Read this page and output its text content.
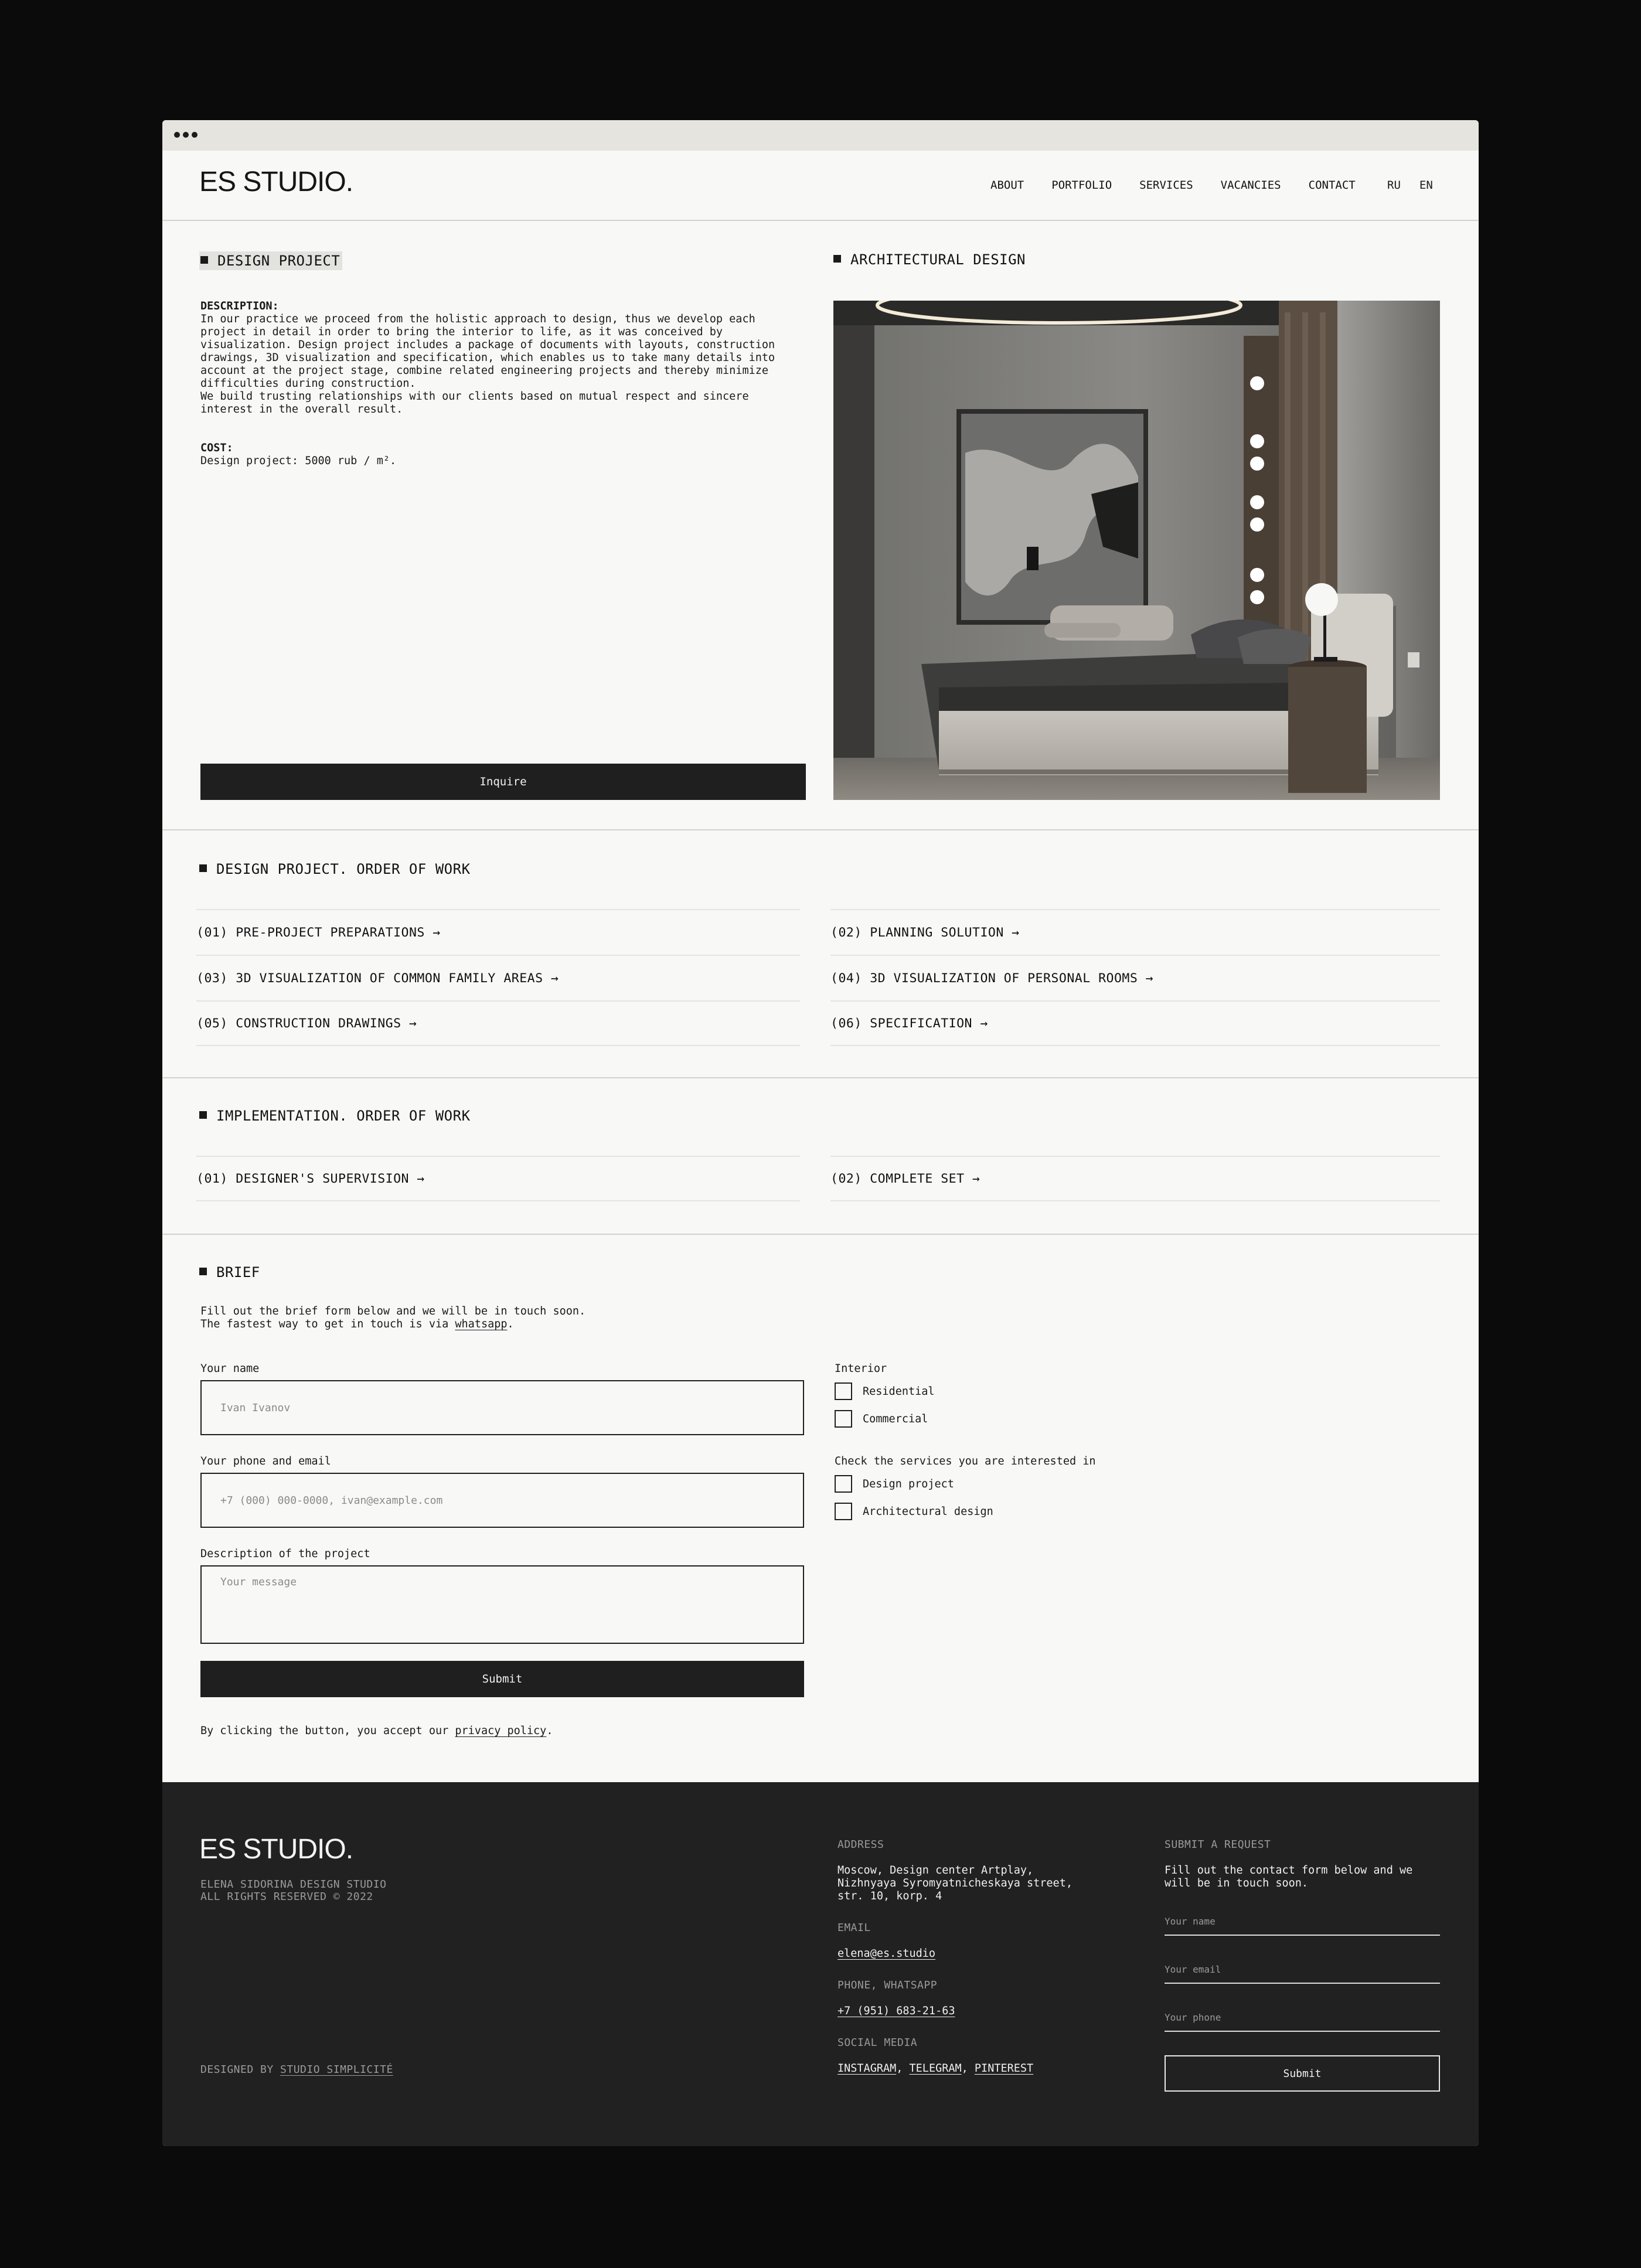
ES STUDIO.	ABOUT PORTFOLIO SERVICES VACANCIES CONTACT	RU EN
DESIGN PROJECT
DESCRIPTION:
In our practice we proceed from the holistic approach to design, thus we develop each
project in detail in order to bring the interior to life, as it was conceived by
visualization. Design project includes a package of documents with layouts, construction
drawings, 3D visualization and specification, which enables us to take many details into
account at the project stage, combine related engineering projects and thereby minimize
difficulties during construction.
We build trusting relationships with our clients based on mutual respect and sincere
interest in the overall result.
COST:
Design project: 5000 rub / m².
Inquire
ARCHITECTURAL DESIGN
DESIGN PROJECT. ORDER OF WORK
(01) PRE-PROJECT PREPARATIONS →	(02) PLANNING SOLUTION →
(03) 3D VISUALIZATION OF COMMON FAMILY AREAS →	(04) 3D VISUALIZATION OF PERSONAL ROOMS →
(05) CONSTRUCTION DRAWINGS →	(06) SPECIFICATION →
IMPLEMENTATION. ORDER OF WORK
(01) DESIGNER'S SUPERVISION →	(02) COMPLETE SET →
BRIEF
Fill out the brief form below and we will be in touch soon.
The fastest way to get in touch is via whatsapp.
Your name
Ivan Ivanov
Your phone and email
+7 (000) 000-0000, ivan@example.com
Description of the project
Your message
Submit
By clicking the button, you accept our privacy policy.
Interior
Residential
Commercial
Check the services you are interested in
Design project
Architectural design
ES STUDIO.
ELENA SIDORINA DESIGN STUDIO
ALL RIGHTS RESERVED © 2022
DESIGNED BY STUDIO SIMPLICITÉ
ADDRESS
Moscow, Design center Artplay,
Nizhnyaya Syromyatnicheskaya street,
str. 10, korp. 4
EMAIL
elena@es.studio
PHONE, WHATSAPP
+7 (951) 683-21-63
SOCIAL MEDIA
INSTAGRAM, TELEGRAM, PINTEREST
SUBMIT A REQUEST
Fill out the contact form below and we
will be in touch soon.
Your name
Your email
Your phone
Submit
